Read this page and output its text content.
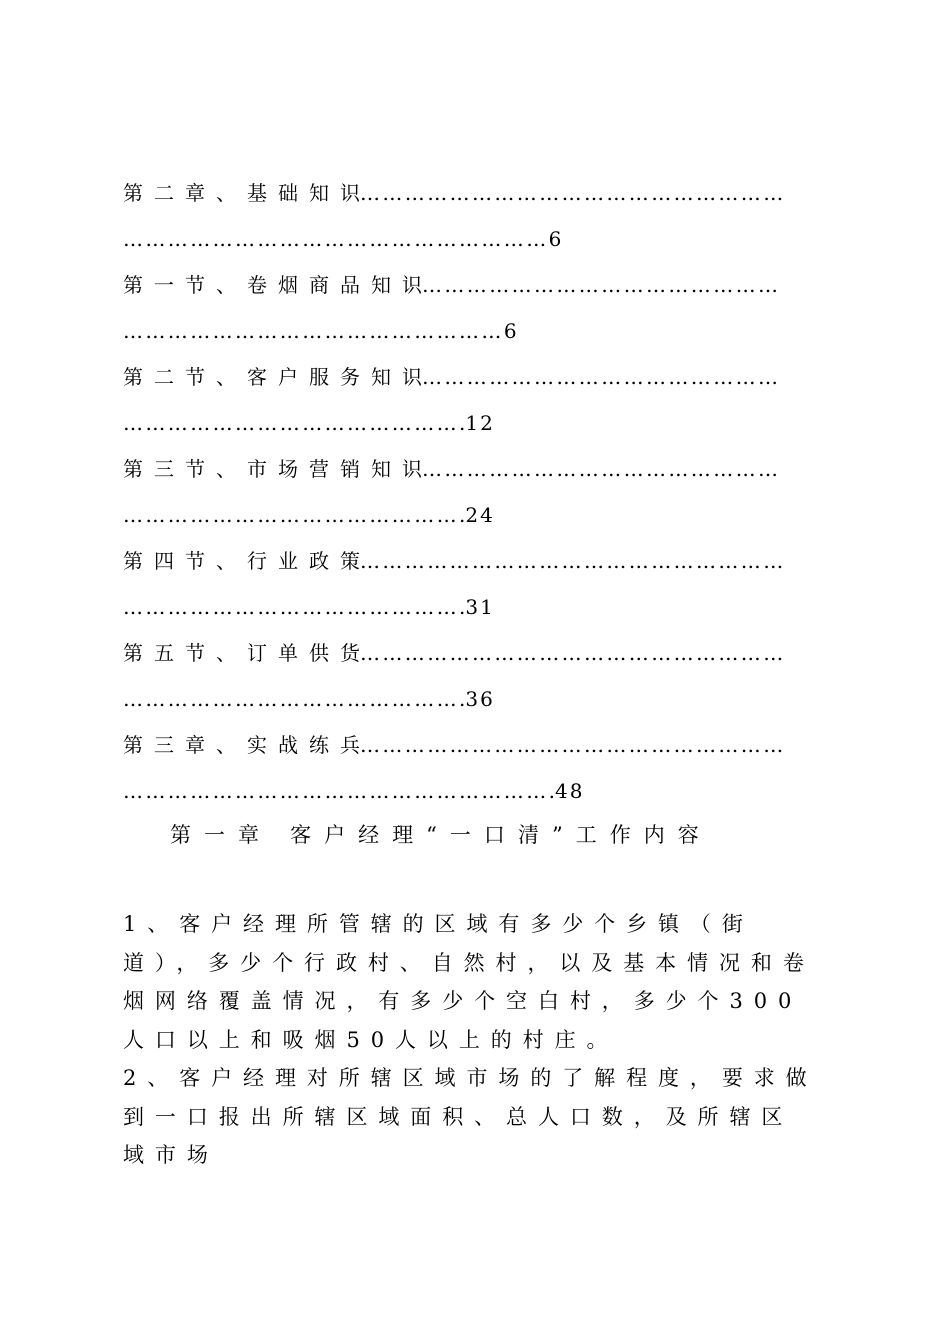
第二章、基础知识…………………………………………………
…………………………………………………6
第一节、卷烟商品知识…………………………………………
……………………………………………6
第二节、客户服务知识…………………………………………
……………………………………….12
第三节、市场营销知识…………………………………………
……………………………………….24
第四节、行业政策…………………………………………………
……………………………………….31
第五节、订单供货…………………………………………………
……………………………………….36
第三章、实战练兵…………………………………………………
………………………………………………….48
第一章 客户经理“一口清”工作内容

1、客户经理所管辖的区域有多少个乡镇（街道），多少个行政村、自然村，以及基本情况和卷烟网络覆盖情况，有多少个空白村，多少个300人口以上和吸烟50人以上的村庄。

2、客户经理对所辖区域市场的了解程度，要求做到一口报出所辖区域面积、总人口数，及所辖区域市场
